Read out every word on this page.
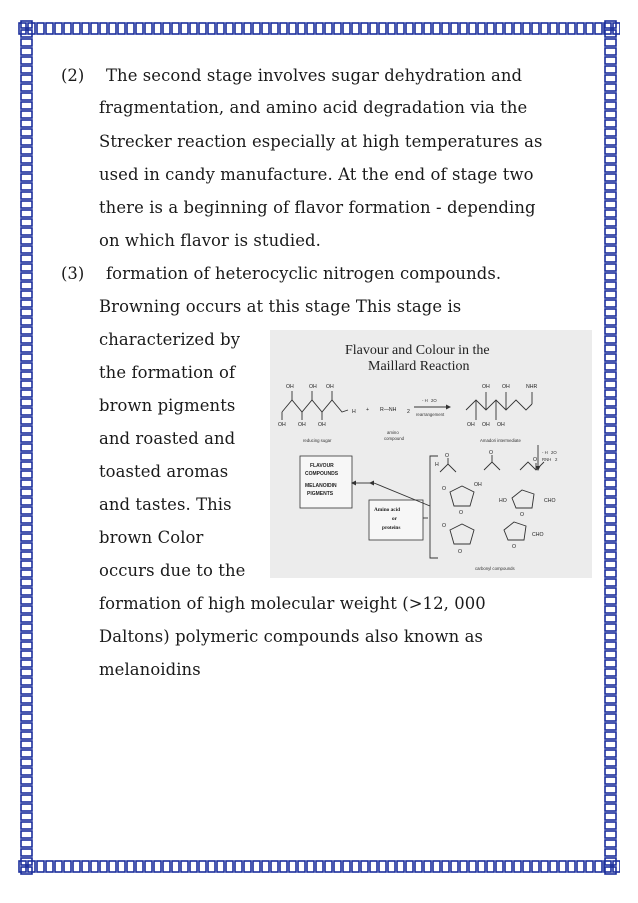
(2) The second stage involves sugar dehydration and
fragmentation, and amino acid degradation via the
Strecker reaction especially at high temperatures as
used in candy manufacture. At the end of stage two
there is a beginning of flavor formation - depending
on which flavor is studied.
(3) formation of heterocyclic nitrogen compounds.
Browning occurs at this stage This stage is
characterized by
the formation of
brown pigments
and roasted and
toasted aromas
and tastes. This
brown Color
occurs due to the
formation of high molecular weight (>12, 000
Daltons) polymeric compounds also known as
melanoidins
Flavour and Colour in the
Maillard Reaction
OH	OH OH
OH OH OH
H +
reducing sugar
R—NH 2
amino
compound
- H 2O
rearrangement
OH OH	NHR
OH OH OH
Amadori intermediate
- H 2O
RNH 2
FLAVOUR
COMPOUNDS
MELANOIDIN
PIGMENTS
Amino acid
or
proteins
H
O	O
O
O
OH
O
HO	CHO
O
O
O
CHO
O
carbonyl compounds
